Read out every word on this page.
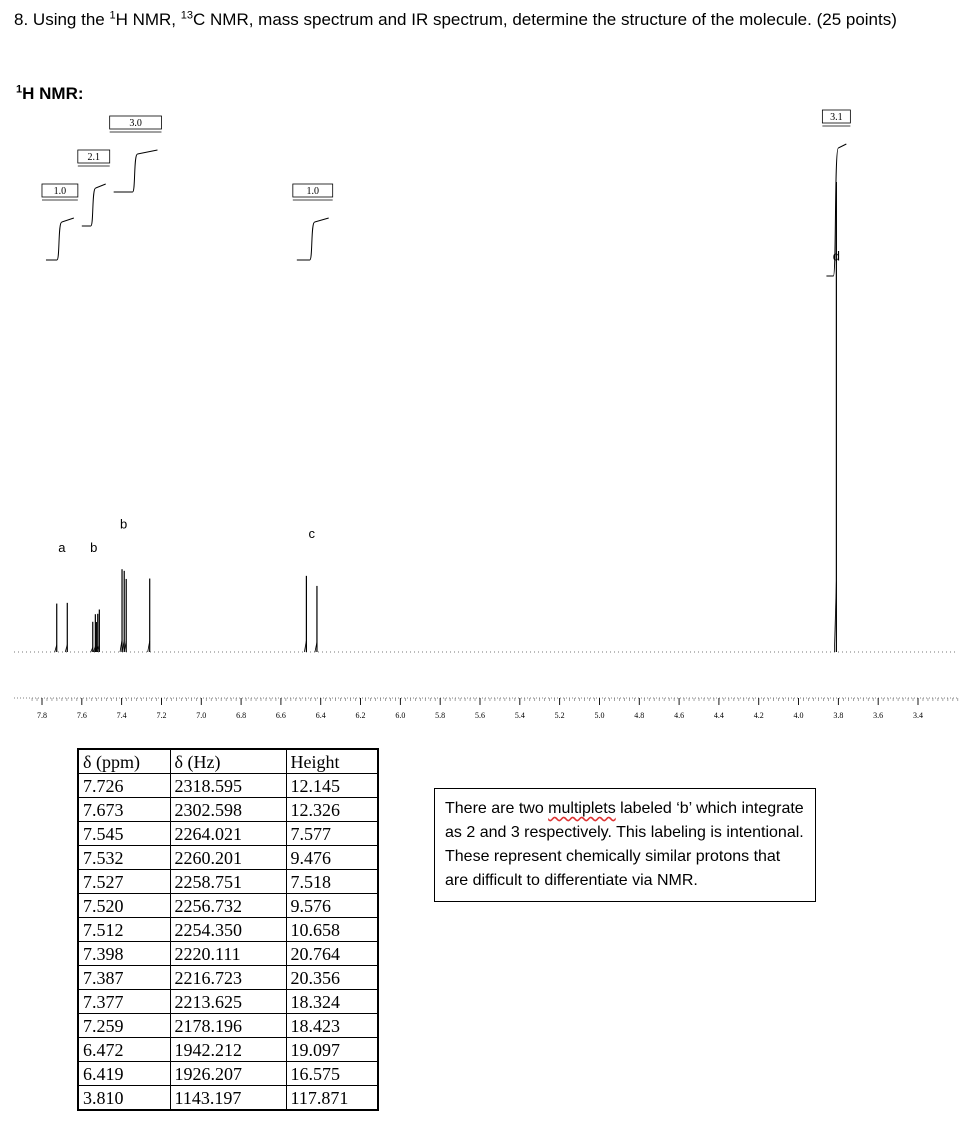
8. Using the $^1$H NMR, $^{13}$C NMR, mass spectrum and IR spectrum, determine the structure of the molecule. (25 points)
$^1$H NMR:
7.8	7.6	7.4	7.2	7.0	6.8	6.6	6.4	6.2	6.0	5.8	5.6	5.4	5.2	5.0	4.8	4.6	4.4	4.2	4.0	3.8	3.6	3.4
1.0
2.1
3.0
1.0
3.1
a b
b
c
d
δ (ppm)	δ (Hz)	Height
7.726	2318.595	12.145
7.673	2302.598	12.326
7.545	2264.021	7.577
7.532	2260.201	9.476
7.527	2258.751	7.518
7.520	2256.732	9.576
7.512	2254.350	10.658
7.398	2220.111	20.764
7.387	2216.723	20.356
7.377	2213.625	18.324
7.259	2178.196	18.423
6.472	1942.212	19.097
6.419	1926.207	16.575
3.810	1143.197	117.871
There are two multiplets labeled ‘b’ which integrate as 2 and 3 respectively. This labeling is intentional. These represent chemically similar protons that are difficult to differentiate via NMR.
